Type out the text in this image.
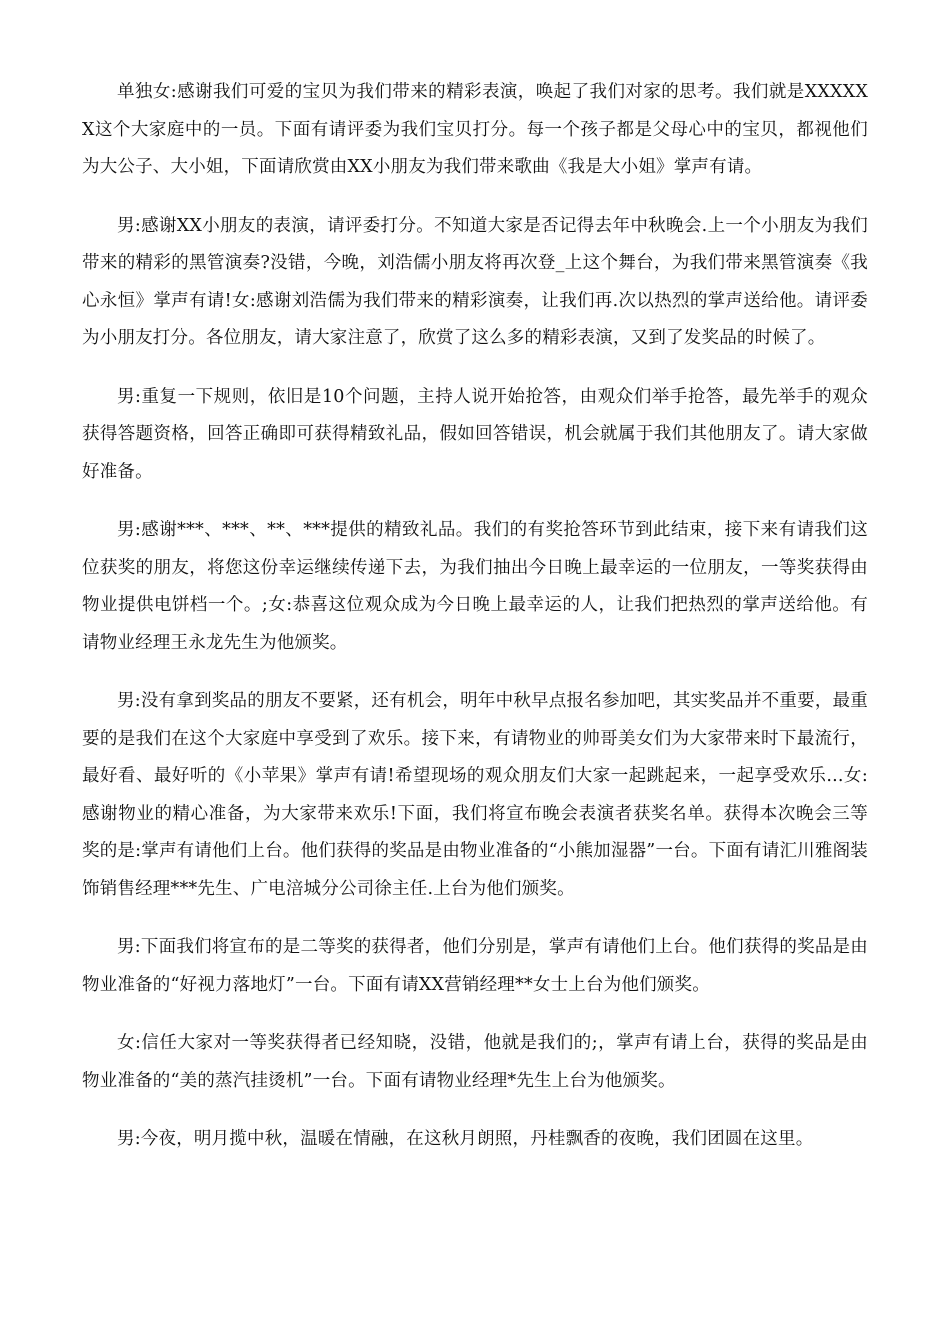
单独女:感谢我们可爱的宝贝为我们带来的精彩表演，唤起了我们对家的思考。我们就是XXXXXX这个大家庭中的一员。下面有请评委为我们宝贝打分。每一个孩子都是父母心中的宝贝，都视他们为大公子、大小姐，下面请欣赏由XX小朋友为我们带来歌曲《我是大小姐》掌声有请。

男:感谢XX小朋友的表演，请评委打分。不知道大家是否记得去年中秋晚会.上一个小朋友为我们带来的精彩的黑管演奏?没错，今晚，刘浩儒小朋友将再次登_上这个舞台，为我们带来黑管演奏《我心永恒》掌声有请!女:感谢刘浩儒为我们带来的精彩演奏，让我们再.次以热烈的掌声送给他。请评委为小朋友打分。各位朋友，请大家注意了，欣赏了这么多的精彩表演，又到了发奖品的时候了。

男:重复一下规则，依旧是10个问题，主持人说开始抢答，由观众们举手抢答，最先举手的观众获得答题资格，回答正确即可获得精致礼品，假如回答错误，机会就属于我们其他朋友了。请大家做好准备。

男:感谢***、***、**、***提供的精致礼品。我们的有奖抢答环节到此结束，接下来有请我们这位获奖的朋友，将您这份幸运继续传递下去，为我们抽出今日晚上最幸运的一位朋友，一等奖获得由物业提供电饼档一个。;女:恭喜这位观众成为今日晚上最幸运的人，让我们把热烈的掌声送给他。有请物业经理王永龙先生为他颁奖。

男:没有拿到奖品的朋友不要紧，还有机会，明年中秋早点报名参加吧，其实奖品并不重要，最重要的是我们在这个大家庭中享受到了欢乐。接下来，有请物业的帅哥美女们为大家带来时下最流行，最好看、最好听的《小苹果》掌声有请!希望现场的观众朋友们大家一起跳起来，一起享受欢乐...女:感谢物业的精心准备，为大家带来欢乐!下面，我们将宣布晚会表演者获奖名单。获得本次晚会三等奖的是:掌声有请他们上台。他们获得的奖品是由物业准备的“小熊加湿器”一台。下面有请汇川雅阁装饰销售经理***先生、广电涪城分公司徐主任.上台为他们颁奖。

男:下面我们将宣布的是二等奖的获得者，他们分别是，掌声有请他们上台。他们获得的奖品是由物业准备的“好视力落地灯”一台。下面有请XX营销经理**女士上台为他们颁奖。

女:信任大家对一等奖获得者已经知晓，没错，他就是我们的;，掌声有请上台，获得的奖品是由物业准备的“美的蒸汽挂烫机”一台。下面有请物业经理*先生上台为他颁奖。

男:今夜，明月揽中秋，温暖在情融，在这秋月朗照，丹桂飘香的夜晚，我们团圆在这里。
